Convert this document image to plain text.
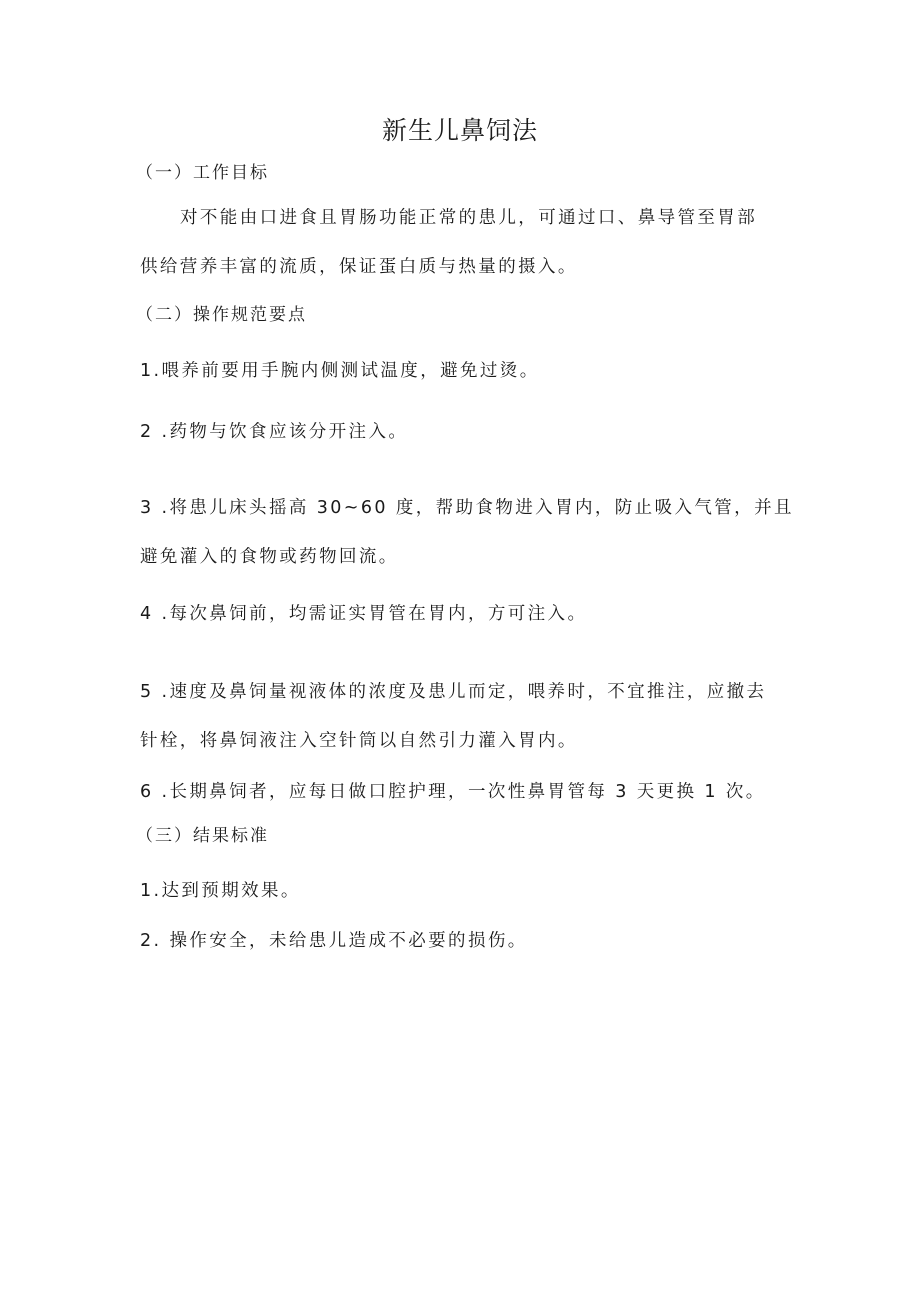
新生儿鼻饲法

（一）工作目标

对不能由口进食且胃肠功能正常的患儿，可通过口、鼻导管至胃部

供给营养丰富的流质，保证蛋白质与热量的摄入。

（二）操作规范要点

1.喂养前要用手腕内侧测试温度，避免过烫。

2 .药物与饮食应该分开注入。

3 .将患儿床头摇高 30~60 度，帮助食物进入胃内，防止吸入气管，并且

避免灌入的食物或药物回流。

4 .每次鼻饲前，均需证实胃管在胃内，方可注入。

5 .速度及鼻饲量视液体的浓度及患儿而定，喂养时，不宜推注，应撤去

针栓，将鼻饲液注入空针筒以自然引力灌入胃内。

6 .长期鼻饲者，应每日做口腔护理，一次性鼻胃管每 3 天更换 1 次。

（三）结果标准

1.达到预期效果。

2. 操作安全，未给患儿造成不必要的损伤。
